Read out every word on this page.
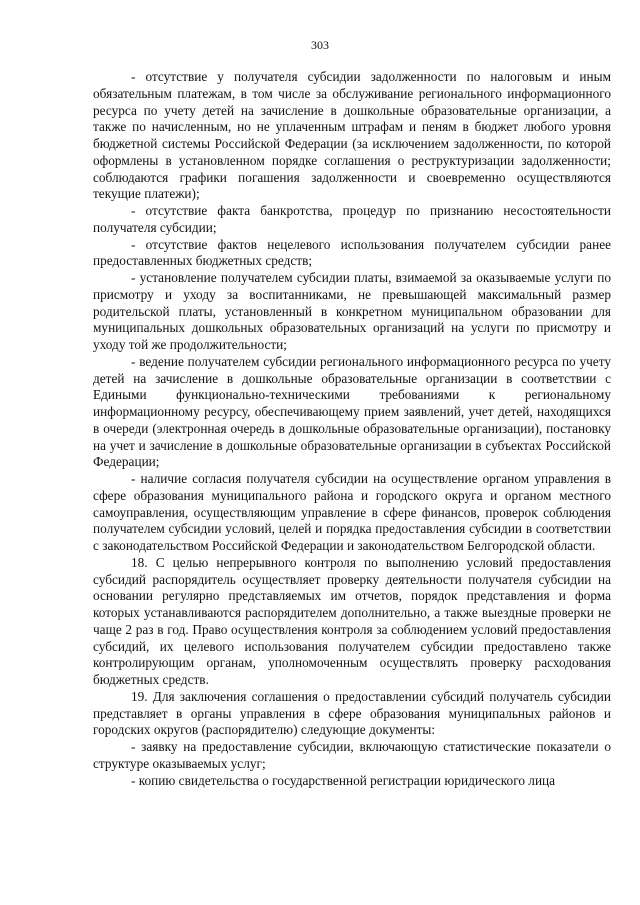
303

- отсутствие у получателя субсидии задолженности по налоговым и иным обязательным платежам, в том числе за обслуживание регионального информационного ресурса по учету детей на зачисление в дошкольные образовательные организации, а также по начисленным, но не уплаченным штрафам и пеням в бюджет любого уровня бюджетной системы Российской Федерации (за исключением задолженности, по которой оформлены в установленном порядке соглашения о реструктуризации задолженности; соблюдаются графики погашения задолженности и своевременно осуществляются текущие платежи);

- отсутствие факта банкротства, процедур по признанию несостоятельности получателя субсидии;

- отсутствие фактов нецелевого использования получателем субсидии ранее предоставленных бюджетных средств;

- установление получателем субсидии платы, взимаемой за оказываемые услуги по присмотру и уходу за воспитанниками, не превышающей максимальный размер родительской платы, установленный в конкретном муниципальном образовании для муниципальных дошкольных образовательных организаций на услуги по присмотру и уходу той же продолжительности;

- ведение получателем субсидии регионального информационного ресурса по учету детей на зачисление в дошкольные образовательные организации в соответствии с Едиными функционально-техническими требованиями к региональному информационному ресурсу, обеспечивающему прием заявлений, учет детей, находящихся в очереди (электронная очередь в дошкольные образовательные организации), постановку на учет и зачисление в дошкольные образовательные организации в субъектах Российской Федерации;

- наличие согласия получателя субсидии на осуществление органом управления в сфере образования муниципального района и городского округа и органом местного самоуправления, осуществляющим управление в сфере финансов, проверок соблюдения получателем субсидии условий, целей и порядка предоставления субсидии в соответствии с законодательством Российской Федерации и законодательством Белгородской области.

18. С целью непрерывного контроля по выполнению условий предоставления субсидий распорядитель осуществляет проверку деятельности получателя субсидии на основании регулярно представляемых им отчетов, порядок представления и форма которых устанавливаются распорядителем дополнительно, а также выездные проверки не чаще 2 раз в год. Право осуществления контроля за соблюдением условий предоставления субсидий, их целевого использования получателем субсидии предоставлено также контролирующим органам, уполномоченным осуществлять проверку расходования бюджетных средств.

19. Для заключения соглашения о предоставлении субсидий получатель субсидии представляет в органы управления в сфере образования муниципальных районов и городских округов (распорядителю) следующие документы:

- заявку на предоставление субсидии, включающую статистические показатели о структуре оказываемых услуг;

- копию свидетельства о государственной регистрации юридического лица
